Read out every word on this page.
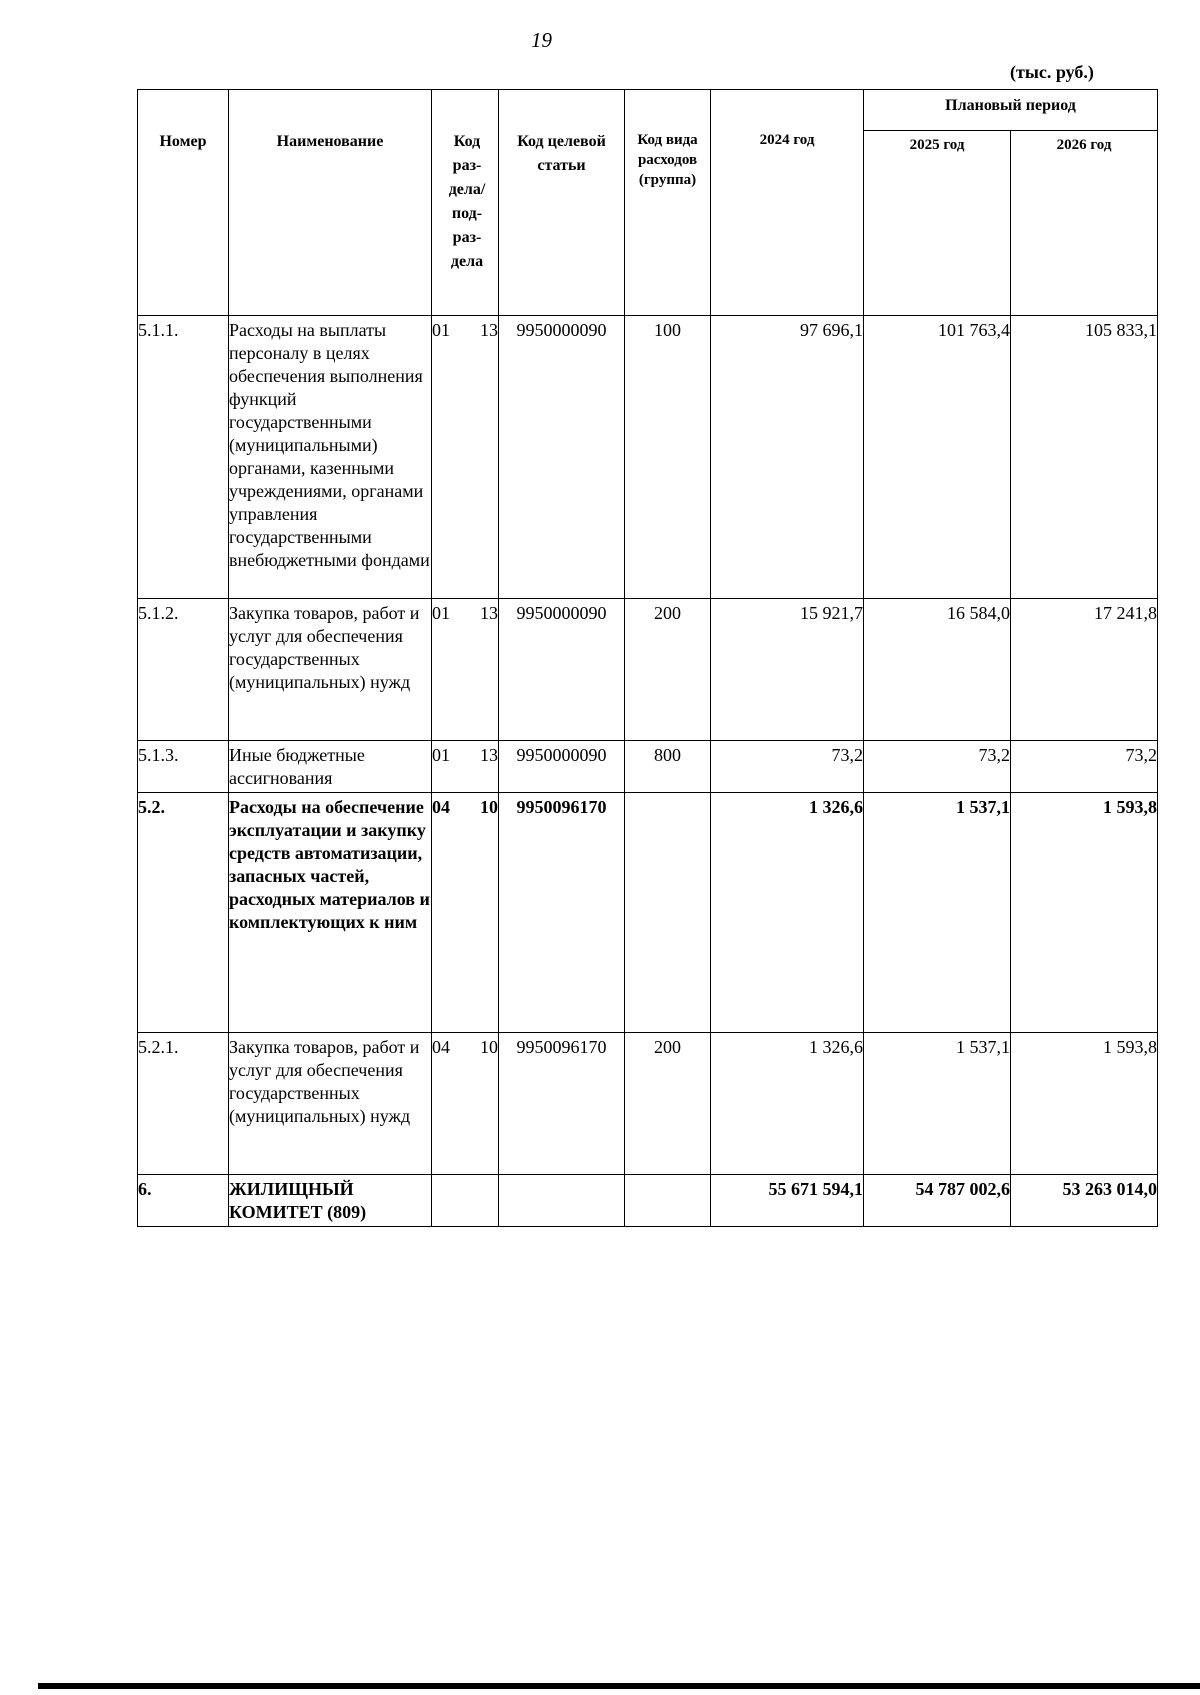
19
(тыс. руб.)
Номер	Наименование	Код раз-дела/ под-раз-дела	Код целевой статьи	Код вида расходов (группа)	2024 год	Плановый период	
						2025 год	2026 год
5.1.1.	Расходы на выплаты персоналу в целях обеспечения выполнения функций государственными (муниципальными) органами, казенными учреждениями, органами управления государственными внебюджетными фондами	01 13	9950000090	100	97 696,1	101 763,4	105 833,1
5.1.2.	Закупка товаров, работ и услуг для обеспечения государственных (муниципальных) нужд	01 13	9950000090	200	15 921,7	16 584,0	17 241,8
5.1.3.	Иные бюджетные ассигнования	01 13	9950000090	800	73,2	73,2	73,2
5.2.	Расходы на обеспечение эксплуатации и закупку средств автоматизации, запасных частей, расходных материалов и комплектующих к ним	04 10	9950096170		1 326,6	1 537,1	1 593,8
5.2.1.	Закупка товаров, работ и услуг для обеспечения государственных (муниципальных) нужд	04 10	9950096170	200	1 326,6	1 537,1	1 593,8
6.	ЖИЛИЩНЫЙ КОМИТЕТ (809)				55 671 594,1	54 787 002,6	53 263 014,0
